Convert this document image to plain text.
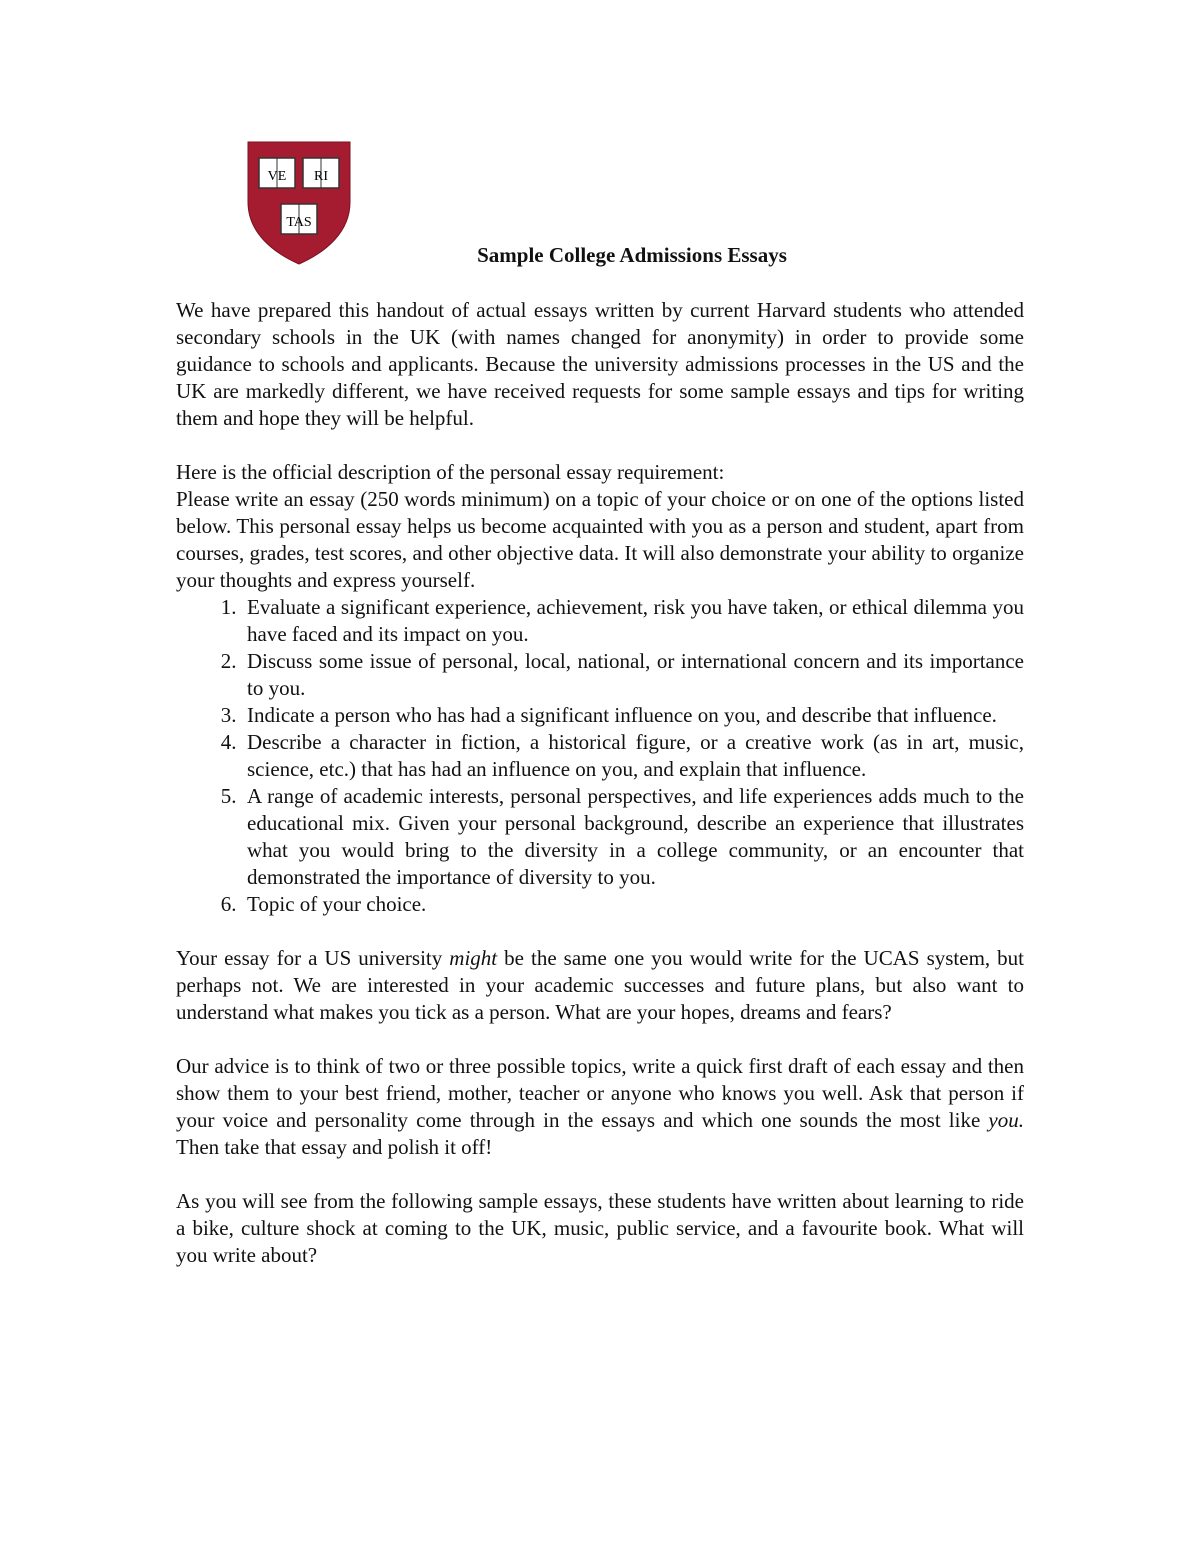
VE RI
TAS
Sample College Admissions Essays

We have prepared this handout of actual essays written by current Harvard students who attended secondary schools in the UK (with names changed for anonymity) in order to provide some guidance to schools and applicants. Because the university admissions processes in the US and the UK are markedly different, we have received requests for some sample essays and tips for writing them and hope they will be helpful.

Here is the official description of the personal essay requirement:

Please write an essay (250 words minimum) on a topic of your choice or on one of the options listed below. This personal essay helps us become acquainted with you as a person and student, apart from courses, grades, test scores, and other objective data. It will also demonstrate your ability to organize your thoughts and express yourself.

1. Evaluate a significant experience, achievement, risk you have taken, or ethical dilemma you have faced and its impact on you.
2. Discuss some issue of personal, local, national, or international concern and its importance to you.
3. Indicate a person who has had a significant influence on you, and describe that influence.
4. Describe a character in fiction, a historical figure, or a creative work (as in art, music, science, etc.) that has had an influence on you, and explain that influence.
5. A range of academic interests, personal perspectives, and life experiences adds much to the educational mix. Given your personal background, describe an experience that illustrates what you would bring to the diversity in a college community, or an encounter that demonstrated the importance of diversity to you.
6. Topic of your choice.

Your essay for a US university might be the same one you would write for the UCAS system, but perhaps not. We are interested in your academic successes and future plans, but also want to understand what makes you tick as a person. What are your hopes, dreams and fears?

Our advice is to think of two or three possible topics, write a quick first draft of each essay and then show them to your best friend, mother, teacher or anyone who knows you well. Ask that person if your voice and personality come through in the essays and which one sounds the most like you. Then take that essay and polish it off!

As you will see from the following sample essays, these students have written about learning to ride a bike, culture shock at coming to the UK, music, public service, and a favourite book. What will you write about?
